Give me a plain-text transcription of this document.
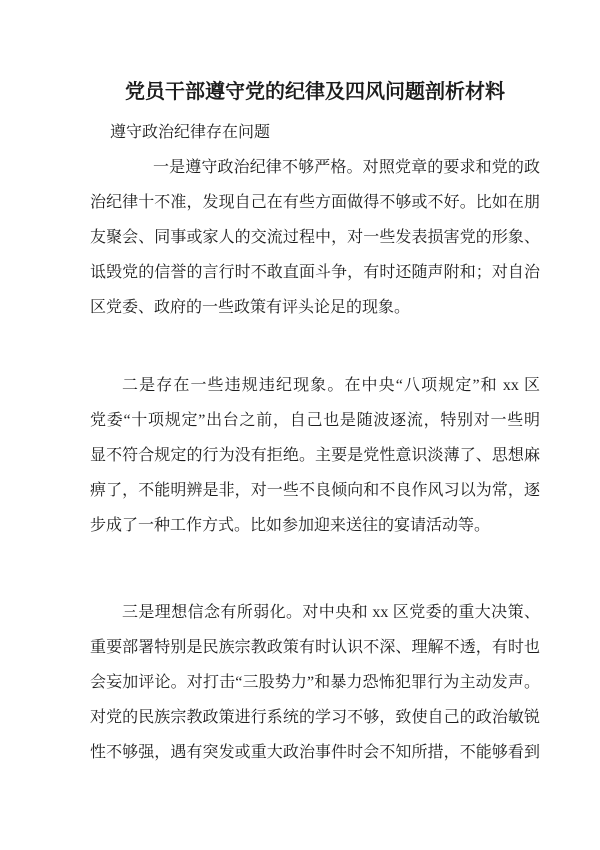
党员干部遵守党的纪律及四风问题剖析材料
遵守政治纪律存在问题
一是遵守政治纪律不够严格。对照党章的要求和党的政
治纪律十不准，发现自己在有些方面做得不够或不好。比如在朋
友聚会、同事或家人的交流过程中，对一些发表损害党的形象、
诋毁党的信誉的言行时不敢直面斗争，有时还随声附和；对自治
区党委、政府的一些政策有评头论足的现象。
二是存在一些违规违纪现象。在中央“八项规定”和 xx 区
党委“十项规定”出台之前，自己也是随波逐流，特别对一些明
显不符合规定的行为没有拒绝。主要是党性意识淡薄了、思想麻
痹了，不能明辨是非，对一些不良倾向和不良作风习以为常，逐
步成了一种工作方式。比如参加迎来送往的宴请活动等。
三是理想信念有所弱化。对中央和 xx 区党委的重大决策、
重要部署特别是民族宗教政策有时认识不深、理解不透，有时也
会妄加评论。对打击“三股势力”和暴力恐怖犯罪行为主动发声。
对党的民族宗教政策进行系统的学习不够，致使自己的政治敏锐
性不够强，遇有突发或重大政治事件时会不知所措，不能够看到
